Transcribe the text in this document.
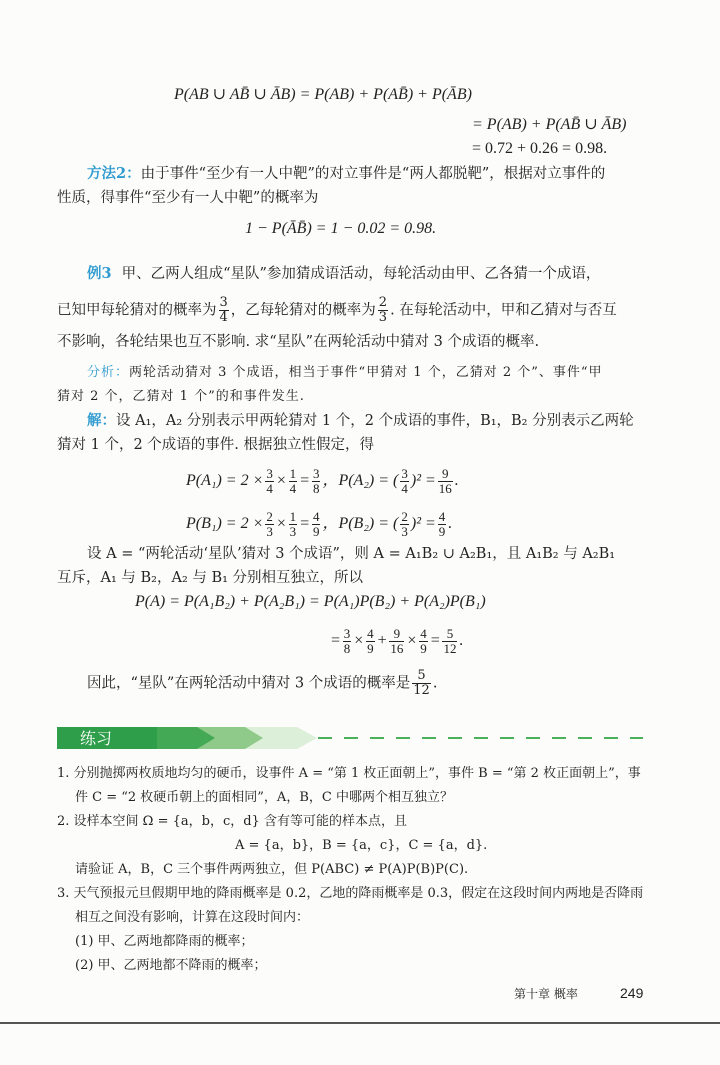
P(AB ∪ AB̄ ∪ ĀB) = P(AB) + P(AB̄) + P(ĀB)
= P(AB) + P(AB̄ ∪ ĀB)
= 0.72 + 0.26 = 0.98.
方法2：由于事件“至少有一人中靶”的对立事件是“两人都脱靶”，根据对立事件的
性质，得事件“至少有一人中靶”的概率为
1 − P(ĀB̄) = 1 − 0.02 = 0.98.
例3 甲、乙两人组成“星队”参加猜成语活动，每轮活动由甲、乙各猜一个成语，
已知甲每轮猜对的概率为 $\frac{3}{4}$ ，乙每轮猜对的概率为 $\frac{2}{3}$ . 在每轮活动中，甲和乙猜对与否互
不影响，各轮结果也互不影响. 求“星队”在两轮活动中猜对 3 个成语的概率.
分析：两轮活动猜对 3 个成语，相当于事件“甲猜对 1 个，乙猜对 2 个”、事件“甲
猜对 2 个，乙猜对 1 个”的和事件发生.
解：设 A₁，A₂ 分别表示甲两轮猜对 1 个，2 个成语的事件，B₁，B₂ 分别表示乙两轮
猜对 1 个，2 个成语的事件. 根据独立性假定，得
$P(A_1) = 2 \times \frac{3}{4} \times \frac{1}{4} = \frac{3}{8}$ ，P(A₂) = ( $\frac{3}{4} )^2 = \frac{9}{16}$ .
$P(B_1) = 2 \times \frac{2}{3} \times \frac{1}{3} = \frac{4}{9}$ ，P(B₂) = ( $\frac{2}{3} )^2 = \frac{4}{9}$ .
设 A = “两轮活动‘星队’猜对 3 个成语”，则 A = A₁B₂ ∪ A₂B₁，且 A₁B₂ 与 A₂B₁
互斥，A₁ 与 B₂，A₂ 与 B₁ 分别相互独立，所以
P(A) = P(A₁B₂) + P(A₂B₁) = P(A₁)P(B₂) + P(A₂)P(B₁)
= $\frac{3}{8} \times \frac{4}{9} + \frac{9}{16} \times \frac{4}{9} = \frac{5}{12}$ .
因此，“星队”在两轮活动中猜对 3 个成语的概率是 $\frac{5}{12}$ .
练习
1. 分别抛掷两枚质地均匀的硬币，设事件 A = “第 1 枚正面朝上”，事件 B = “第 2 枚正面朝上”，事
件 C = “2 枚硬币朝上的面相同”，A，B，C 中哪两个相互独立？
2. 设样本空间 Ω = {a，b，c，d} 含有等可能的样本点，且
A = {a，b}，B = {a，c}，C = {a，d}.
请验证 A，B，C 三个事件两两独立，但 P(ABC) ≠ P(A)P(B)P(C).
3. 天气预报元旦假期甲地的降雨概率是 0.2，乙地的降雨概率是 0.3，假定在这段时间内两地是否降雨
相互之间没有影响，计算在这段时间内：
(1) 甲、乙两地都降雨的概率；
(2) 甲、乙两地都不降雨的概率；
第十章 概率	249
